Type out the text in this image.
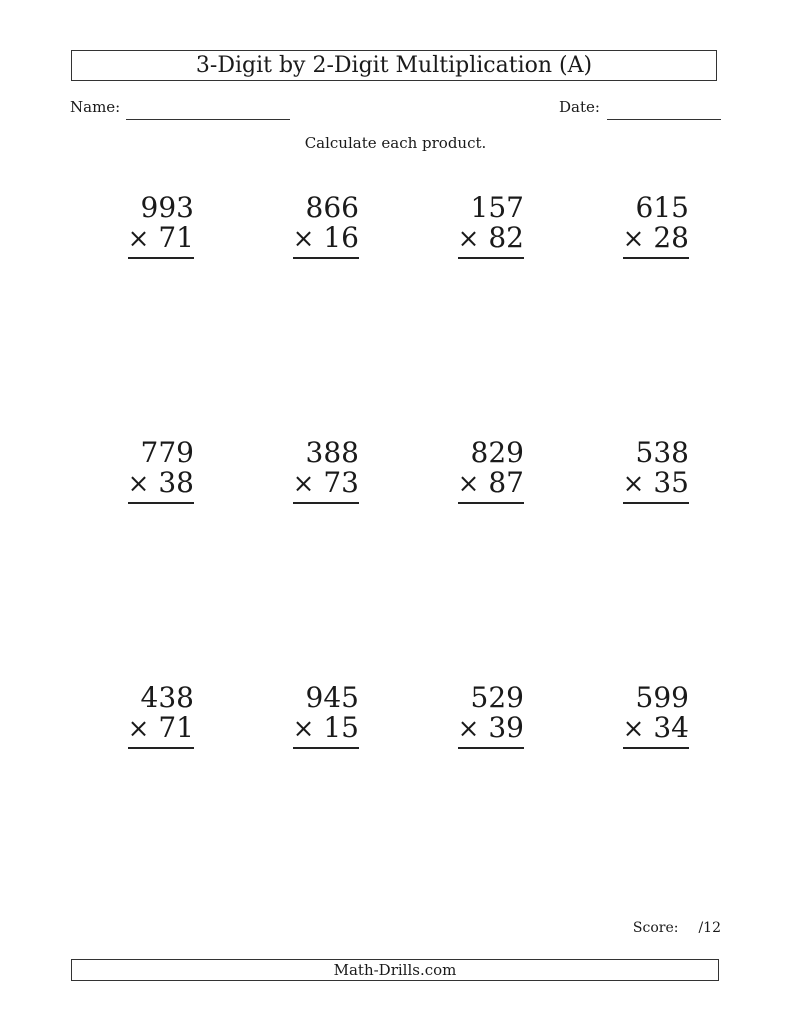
3-Digit by 2-Digit Multiplication (A)
Name:	Date:
Calculate each product.
993
× 71
866
× 16
157
× 82
615
× 28
779
× 38
388
× 73
829
× 87
538
× 35
438
× 71
945
× 15
529
× 39
599
× 34
Score: /12
Math-Drills.com
